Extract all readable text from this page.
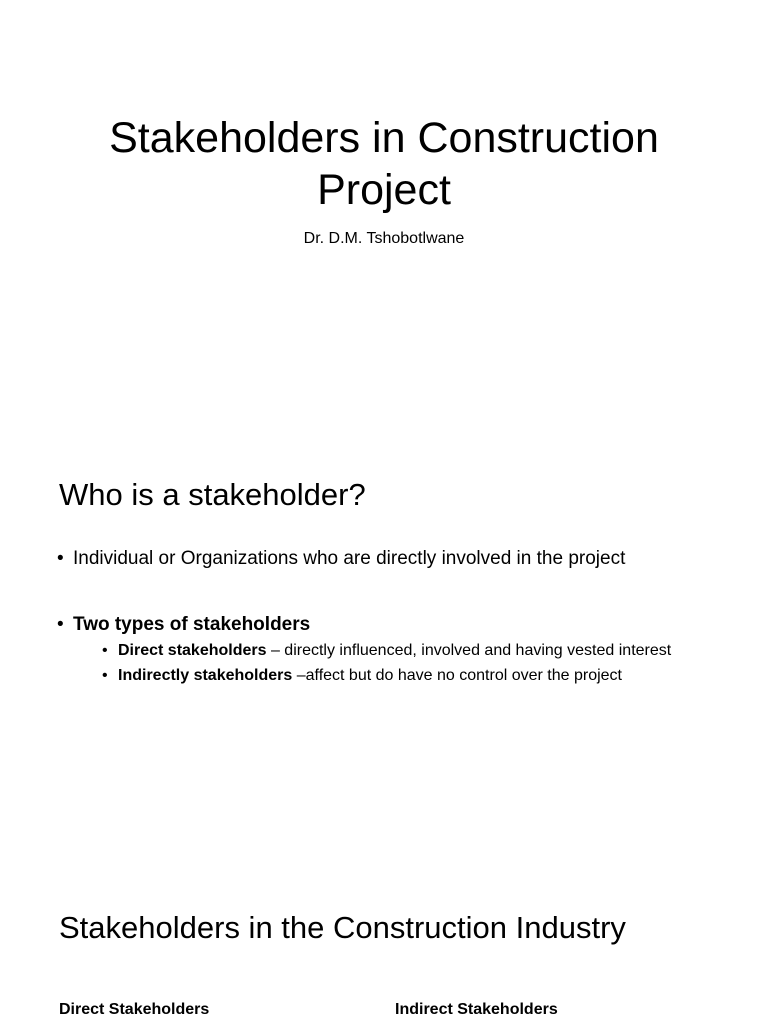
Stakeholders in Construction Project
Dr. D.M. Tshobotlwane
Who is a stakeholder?
• Individual or Organizations who are directly involved in the project
• Two types of stakeholders
• Direct stakeholders – directly influenced, involved and having vested interest
• Indirectly stakeholders –affect but do have no control over the project
Stakeholders in the Construction Industry
Direct Stakeholders	Indirect Stakeholders
